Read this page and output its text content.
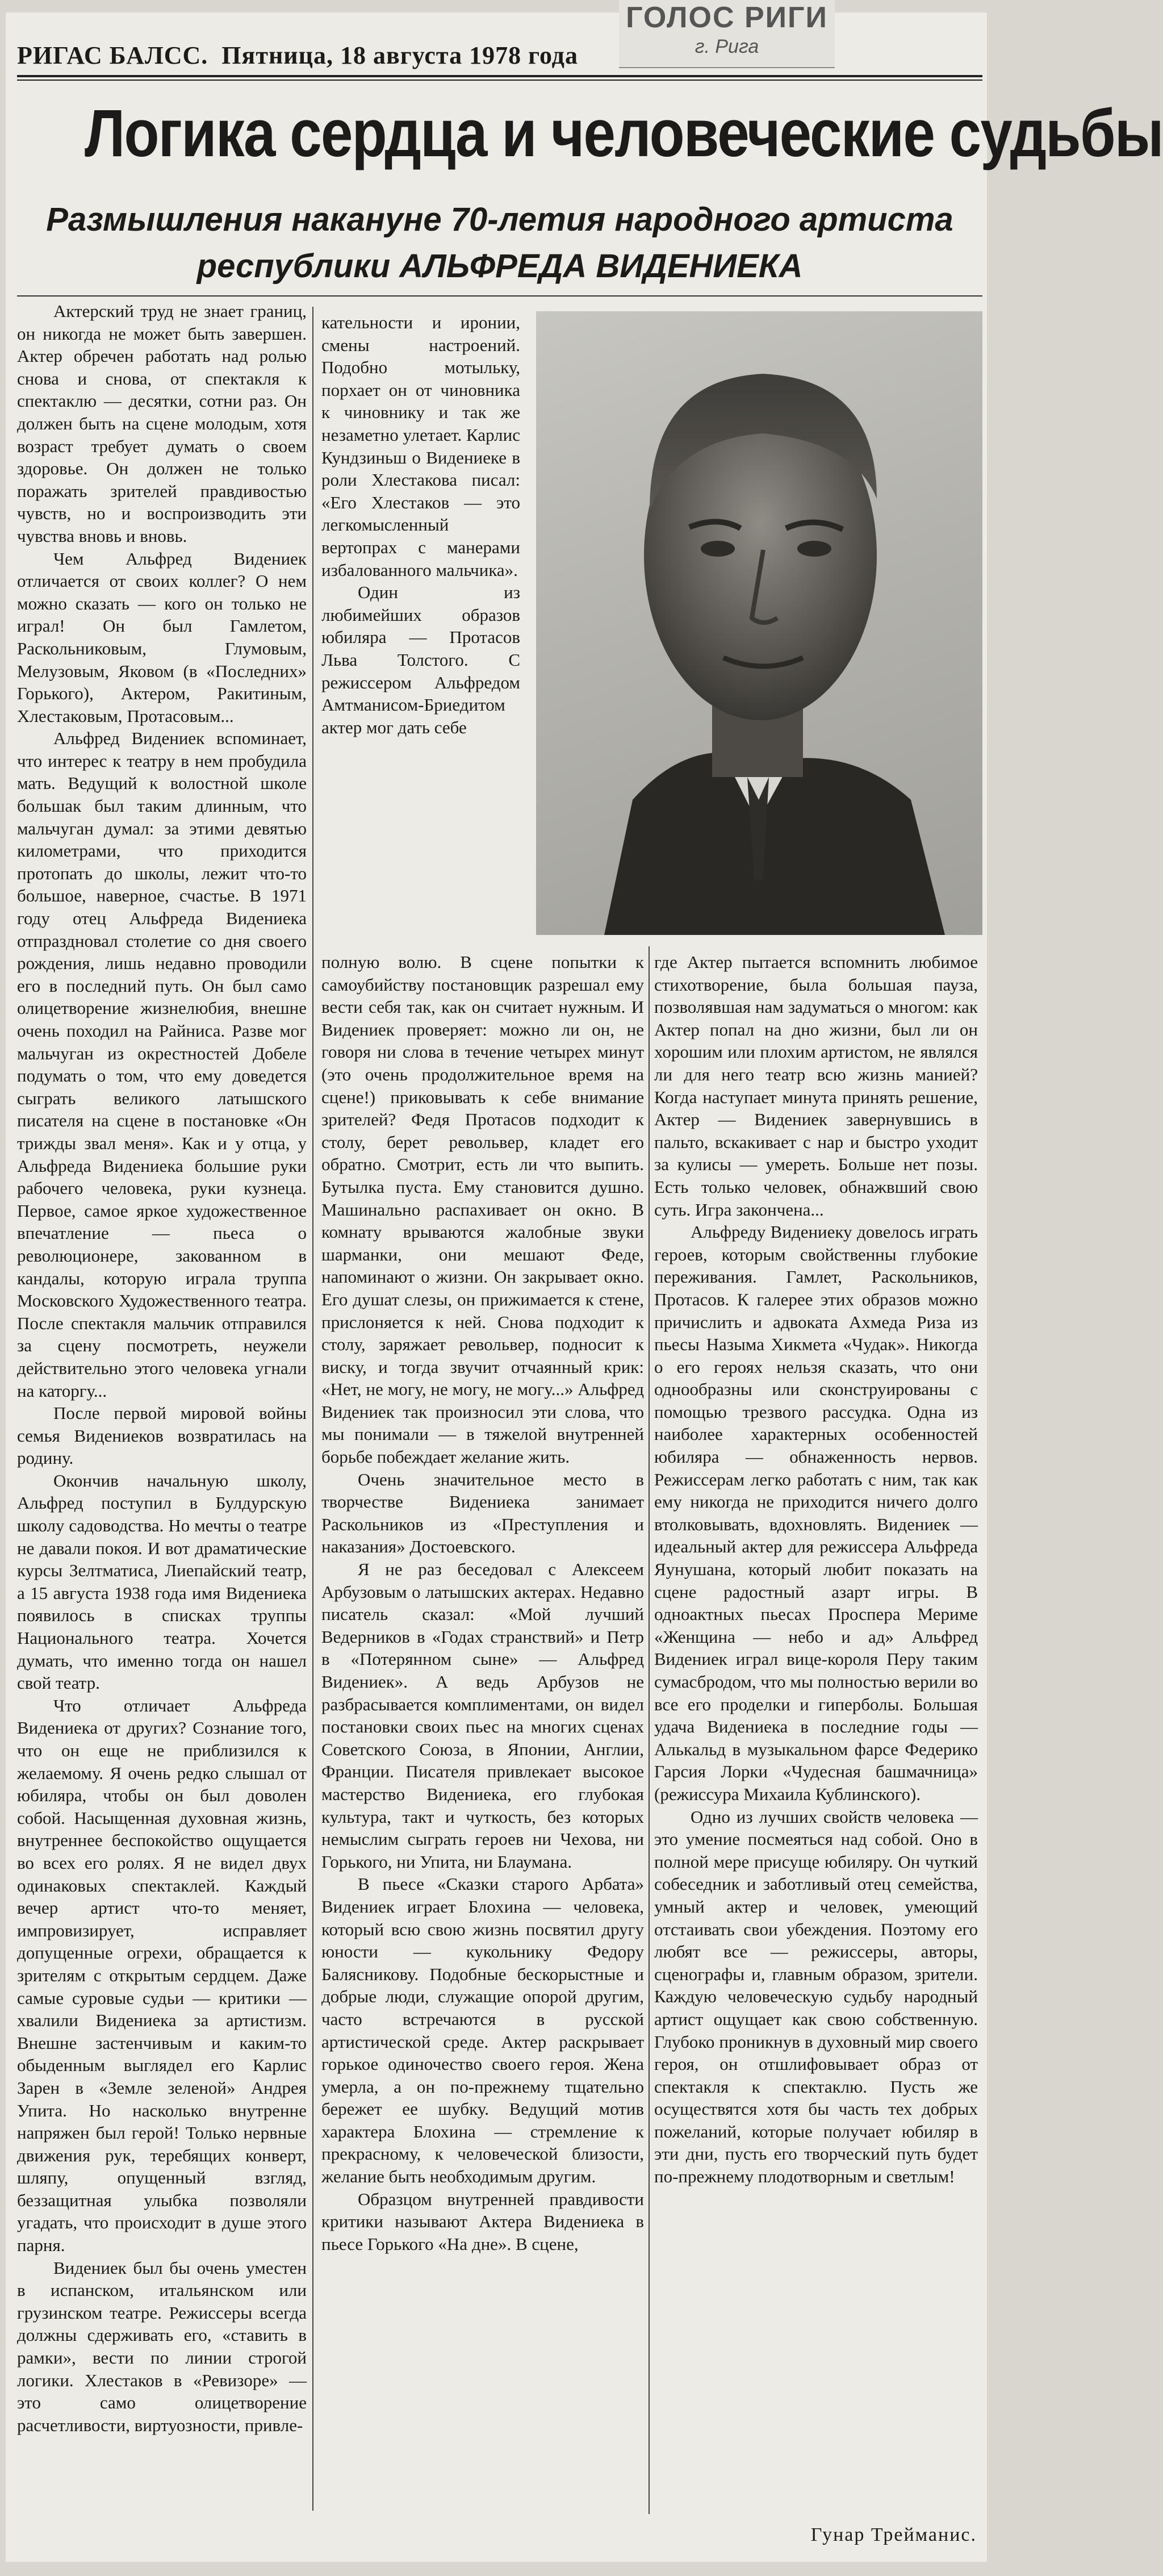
РИГАС БАЛСС. Пятница, 18 августа 1978 года
ГОЛОС РИГИ
г. Рига
Логика сердца и человеческие судьбы
Размышления накануне 70-летия народного артиста
республики АЛЬФРЕДА ВИДЕНИЕКА

Актерский труд не знает границ, он никогда не может быть завершен. Актер обречен работать над ролью снова и снова, от спектакля к спектаклю — десятки, сотни раз. Он должен быть на сцене молодым, хотя возраст требует думать о своем здоровье. Он должен не только поражать зрителей правдивостью чувств, но и воспроизводить эти чувства вновь и вновь.

Чем Альфред Видениек отличается от своих коллег? О нем можно сказать — кого он только не играл! Он был Гамлетом, Раскольниковым, Глумовым, Мелузовым, Яковом (в «Последних» Горького), Актером, Ракитиным, Хлестаковым, Протасовым...

Альфред Видениек вспоминает, что интерес к театру в нем пробудила мать. Ведущий к волостной школе большак был таким длинным, что мальчуган думал: за этими девятью километрами, что приходится протопать до школы, лежит что-то большое, наверное, счастье. В 1971 году отец Альфреда Видениека отпраздновал столетие со дня своего рождения, лишь недавно проводили его в последний путь. Он был само олицетворение жизнелюбия, внешне очень походил на Райниса. Разве мог мальчуган из окрестностей Добеле подумать о том, что ему доведется сыграть великого латышского писателя на сцене в постановке «Он трижды звал меня». Как и у отца, у Альфреда Видениека большие руки рабочего человека, руки кузнеца. Первое, самое яркое художественное впечатление — пьеса о революционере, закованном в кандалы, которую играла труппа Московского Художественного театра. После спектакля мальчик отправился за сцену посмотреть, неужели действительно этого человека угнали на каторгу...

После первой мировой войны семья Видениеков возвратилась на родину.

Окончив начальную школу, Альфред поступил в Булдурскую школу садоводства. Но мечты о театре не давали покоя. И вот драматические курсы Зелтматиса, Лиепайский театр, а 15 августа 1938 года имя Видениека появилось в списках труппы Национального театра. Хочется думать, что именно тогда он нашел свой театр.

Что отличает Альфреда Видениека от других? Сознание того, что он еще не приблизился к желаемому. Я очень редко слышал от юбиляра, чтобы он был доволен собой. Насыщенная духовная жизнь, внутреннее беспокойство ощущается во всех его ролях. Я не видел двух одинаковых спектаклей. Каждый вечер артист что-то меняет, импровизирует, исправляет допущенные огрехи, обращается к зрителям с открытым сердцем. Даже самые суровые судьи — критики — хвалили Видениека за артистизм. Внешне застенчивым и каким-то обыденным выглядел его Карлис Зарен в «Земле зеленой» Андрея Упита. Но насколько внутренне напряжен был герой! Только нервные движения рук, теребящих конверт, шляпу, опущенный взгляд, беззащитная улыбка позволяли угадать, что происходит в душе этого парня.

Видениек был бы очень уместен в испанском, итальянском или грузинском театре. Режиссеры всегда должны сдерживать его, «ставить в рамки», вести по линии строгой логики. Хлестаков в «Ревизоре» — это само олицетворение расчетливости, виртуозности, привле-

кательности и иронии, смены настроений. Подобно мотыльку, порхает он от чиновника к чиновнику и так же незаметно улетает. Карлис Кундзиньш о Видениеке в роли Хлестакова писал: «Его Хлестаков — это легкомысленный вертопрах с манерами избалованного мальчика».

Один из любимейших образов юбиляра — Протасов Льва Толстого. С режиссером Альфредом Амтманисом-Бриедитом актер мог дать себе

полную волю. В сцене попытки к самоубийству постановщик разрешал ему вести себя так, как он считает нужным. И Видениек проверяет: можно ли он, не говоря ни слова в течение четырех минут (это очень продолжительное время на сцене!) приковывать к себе внимание зрителей? Федя Протасов подходит к столу, берет револьвер, кладет его обратно. Смотрит, есть ли что выпить. Бутылка пуста. Ему становится душно. Машинально распахивает он окно. В комнату врываются жалобные звуки шарманки, они мешают Феде, напоминают о жизни. Он закрывает окно. Его душат слезы, он прижимается к стене, прислоняется к ней. Снова подходит к столу, заряжает револьвер, подносит к виску, и тогда звучит отчаянный крик: «Нет, не могу, не могу, не могу...» Альфред Видениек так произносил эти слова, что мы понимали — в тяжелой внутренней борьбе побеждает желание жить.

Очень значительное место в творчестве Видениека занимает Раскольников из «Преступления и наказания» Достоевского.

Я не раз беседовал с Алексеем Арбузовым о латышских актерах. Недавно писатель сказал: «Мой лучший Ведерников в «Годах странствий» и Петр в «Потерянном сыне» — Альфред Видениек». А ведь Арбузов не разбрасывается комплиментами, он видел постановки своих пьес на многих сценах Советского Союза, в Японии, Англии, Франции. Писателя привлекает высокое мастерство Видениека, его глубокая культура, такт и чуткость, без которых немыслим сыграть героев ни Чехова, ни Горького, ни Упита, ни Блаумана.

В пьесе «Сказки старого Арбата» Видениек играет Блохина — человека, который всю свою жизнь посвятил другу юности — кукольнику Федору Балясникову. Подобные бескорыстные и добрые люди, служащие опорой другим, часто встречаются в русской артистической среде. Актер раскрывает горькое одиночество своего героя. Жена умерла, а он по-прежнему тщательно бережет ее шубку. Ведущий мотив характера Блохина — стремление к прекрасному, к человеческой близости, желание быть необходимым другим.

Образцом внутренней правдивости критики называют Актера Видениека в пьесе Горького «На дне». В сцене,

где Актер пытается вспомнить любимое стихотворение, была большая пауза, позволявшая нам задуматься о многом: как Актер попал на дно жизни, был ли он хорошим или плохим артистом, не являлся ли для него театр всю жизнь манией? Когда наступает минута принять решение, Актер — Видениек завернувшись в пальто, вскакивает с нар и быстро уходит за кулисы — умереть. Больше нет позы. Есть только человек, обнажвший свою суть. Игра закончена...

Альфреду Видениеку довелось играть героев, которым свойственны глубокие переживания. Гамлет, Раскольников, Протасов. К галерее этих образов можно причислить и адвоката Ахмеда Риза из пьесы Назыма Хикмета «Чудак». Никогда о его героях нельзя сказать, что они однообразны или сконструированы с помощью трезвого рассудка. Одна из наиболее характерных особенностей юбиляра — обнаженность нервов. Режиссерам легко работать с ним, так как ему никогда не приходится ничего долго втолковывать, вдохновлять. Видениек — идеальный актер для режиссера Альфреда Яунушана, который любит показать на сцене радостный азарт игры. В одноактных пьесах Проспера Мериме «Женщина — небо и ад» Альфред Видениек играл вице-короля Перу таким сумасбродом, что мы полностью верили во все его проделки и гиперболы. Большая удача Видениека в последние годы — Алькальд в музыкальном фарсе Федерико Гарсия Лорки «Чудесная башмачница» (режиссура Михаила Кублинского).

Одно из лучших свойств человека — это умение посмеяться над собой. Оно в полной мере присуще юбиляру. Он чуткий собеседник и заботливый отец семейства, умный актер и человек, умеющий отстаивать свои убеждения. Поэтому его любят все — режиссеры, авторы, сценографы и, главным образом, зрители. Каждую человеческую судьбу народный артист ощущает как свою собственную. Глубоко проникнув в духовный мир своего героя, он отшлифовывает образ от спектакля к спектаклю. Пусть же осуществятся хотя бы часть тех добрых пожеланий, которые получает юбиляр в эти дни, пусть его творческий путь будет по-прежнему плодотворным и светлым!

Гунар Трейманис.
